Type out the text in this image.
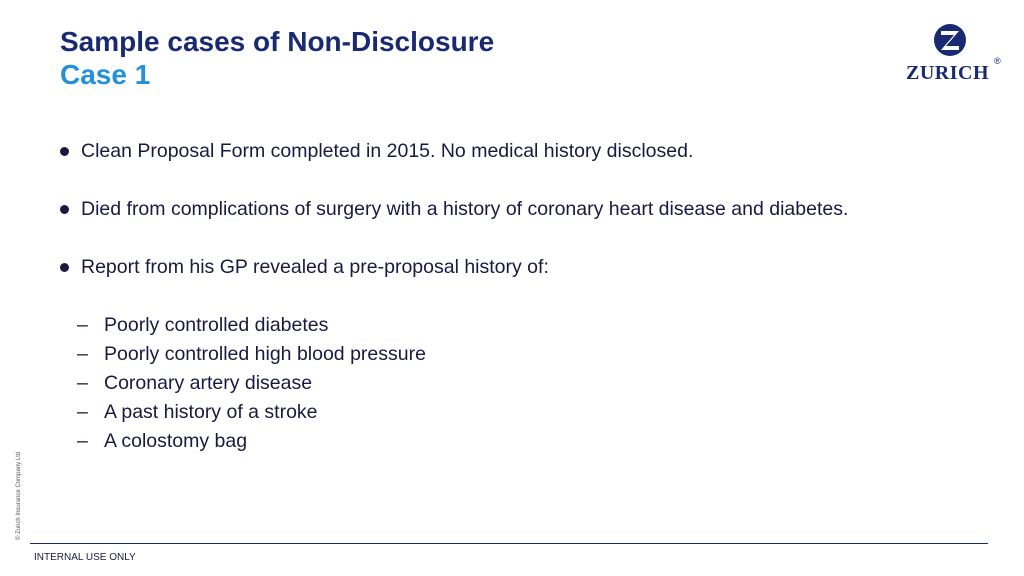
Sample cases of Non-Disclosure
Case 1	ZURICH
®
Clean Proposal Form completed in 2015. No medical history disclosed.
Died from complications of surgery with a history of coronary heart disease and diabetes.
Report from his GP revealed a pre-proposal history of:
– Poorly controlled diabetes
– Poorly controlled high blood pressure
– Coronary artery disease
– A past history of a stroke
– A colostomy bag
© Zurich Insurance Company Ltd
INTERNAL USE ONLY
